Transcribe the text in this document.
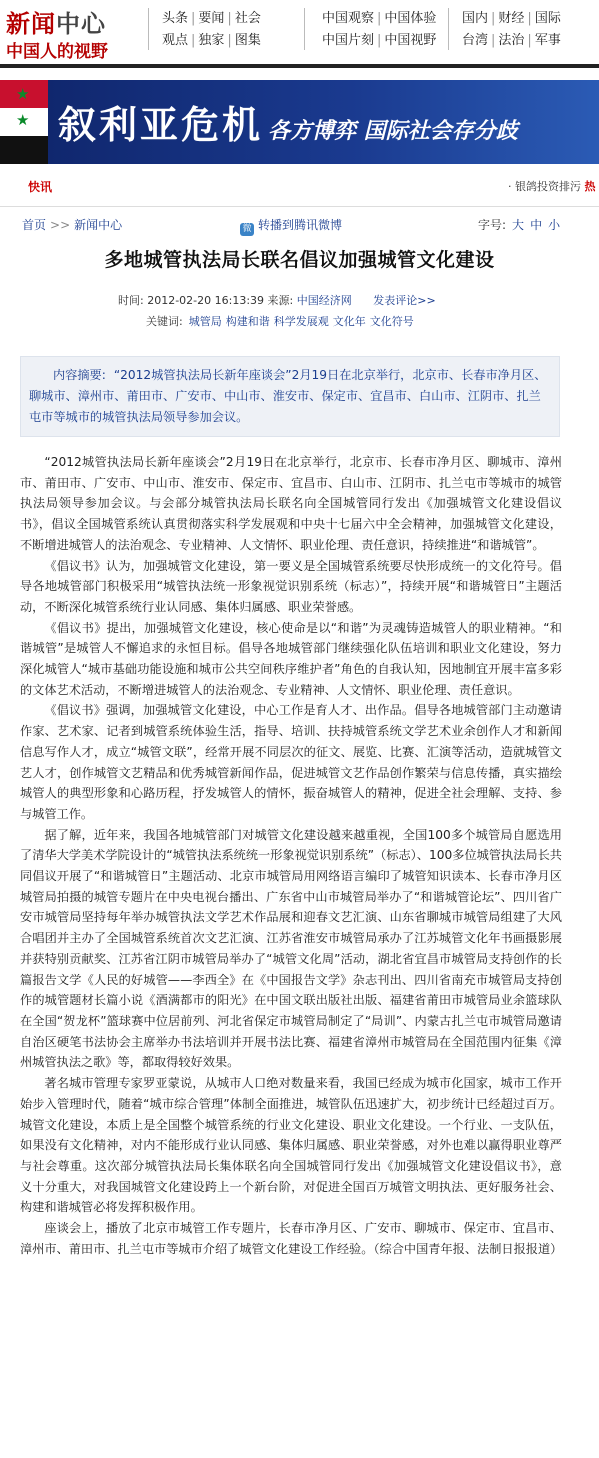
新闻中心
中国人的视野
头条 | 要闻 | 社会
观点 | 独家 | 图集
中国观察 | 中国体验
中国片刻 | 中国视野
国内 | 财经 | 国际
台湾 | 法治 | 军事
★
★ 叙利亚危机 各方博弈 国际社会存分歧
快讯	· 银鸽投资排污 热
首页 >> 新闻中心	微 转播到腾讯微博	字号: 大 中 小
多地城管执法局长联名倡议加强城管文化建设
时间: 2012-02-20 16:13:39 来源: 中国经济网 发表评论>>
关键词: 城管局 构建和谐 科学发展观 文化年 文化符号
内容摘要: “2012城管执法局长新年座谈会”2月19日在北京举行，北京市、长春市净月区、聊城市、漳州市、莆田市、广安市、中山市、淮安市、保定市、宜昌市、白山市、江阴市、扎兰屯市等城市的城管执法局领导参加会议。

“2012城管执法局长新年座谈会”2月19日在北京举行，北京市、长春市净月区、聊城市、漳州市、莆田市、广安市、中山市、淮安市、保定市、宜昌市、白山市、江阴市、扎兰屯市等城市的城管执法局领导参加会议。与会部分城管执法局长联名向全国城管同行发出《加强城管文化建设倡议书》，倡议全国城管系统认真贯彻落实科学发展观和中央十七届六中全会精神，加强城管文化建设，不断增进城管人的法治观念、专业精神、人文情怀、职业伦理、责任意识，持续推进“和谐城管”。

《倡议书》认为，加强城管文化建设，第一要义是全国城管系统要尽快形成统一的文化符号。倡导各地城管部门积极采用“城管执法统一形象视觉识别系统（标志）”，持续开展“和谐城管日”主题活动，不断深化城管系统行业认同感、集体归属感、职业荣誉感。

《倡议书》提出，加强城管文化建设，核心使命是以“和谐”为灵魂铸造城管人的职业精神。“和谐城管”是城管人不懈追求的永恒目标。倡导各地城管部门继续强化队伍培训和职业文化建设，努力深化城管人“城市基础功能设施和城市公共空间秩序维护者”角色的自我认知，因地制宜开展丰富多彩的文体艺术活动，不断增进城管人的法治观念、专业精神、人文情怀、职业伦理、责任意识。

《倡议书》强调，加强城管文化建设，中心工作是育人才、出作品。倡导各地城管部门主动邀请作家、艺术家、记者到城管系统体验生活，指导、培训、扶持城管系统文学艺术业余创作人才和新闻信息写作人才，成立“城管文联”，经常开展不同层次的征文、展览、比赛、汇演等活动，造就城管文艺人才，创作城管文艺精品和优秀城管新闻作品，促进城管文艺作品创作繁荣与信息传播，真实描绘城管人的典型形象和心路历程，抒发城管人的情怀，振奋城管人的精神，促进全社会理解、支持、参与城管工作。

据了解，近年来，我国各地城管部门对城管文化建设越来越重视，全国100多个城管局自愿选用了清华大学美术学院设计的“城管执法系统统一形象视觉识别系统”（标志）、100多位城管执法局长共同倡议开展了“和谐城管日”主题活动、北京市城管局用网络语言编印了城管知识读本、长春市净月区城管局拍摄的城管专题片在中央电视台播出、广东省中山市城管局举办了“和谐城管论坛”、四川省广安市城管局坚持每年举办城管执法文学艺术作品展和迎春文艺汇演、山东省聊城市城管局组建了大风合唱团并主办了全国城管系统首次文艺汇演、江苏省淮安市城管局承办了江苏城管文化年书画摄影展并获特别贡献奖、江苏省江阴市城管局举办了“城管文化周”活动，湖北省宜昌市城管局支持创作的长篇报告文学《人民的好城管——李西全》在《中国报告文学》杂志刊出、四川省南充市城管局支持创作的城管题材长篇小说《酒满都市的阳光》在中国文联出版社出版、福建省莆田市城管局业余篮球队在全国“贺龙杯”篮球赛中位居前列、河北省保定市城管局制定了“局训”、内蒙古扎兰屯市城管局邀请自治区硬笔书法协会主席举办书法培训并开展书法比赛、福建省漳州市城管局在全国范围内征集《漳州城管执法之歌》等，都取得较好效果。

著名城市管理专家罗亚蒙说，从城市人口绝对数量来看，我国已经成为城市化国家，城市工作开始步入管理时代，随着“城市综合管理”体制全面推进，城管队伍迅速扩大，初步统计已经超过百万。城管文化建设，本质上是全国整个城管系统的行业文化建设、职业文化建设。一个行业、一支队伍，如果没有文化精神，对内不能形成行业认同感、集体归属感、职业荣誉感，对外也难以赢得职业尊严与社会尊重。这次部分城管执法局长集体联名向全国城管同行发出《加强城管文化建设倡议书》，意义十分重大，对我国城管文化建设跨上一个新台阶，对促进全国百万城管文明执法、更好服务社会、构建和谐城管必将发挥积极作用。

座谈会上，播放了北京市城管工作专题片，长春市净月区、广安市、聊城市、保定市、宜昌市、漳州市、莆田市、扎兰屯市等城市介绍了城管文化建设工作经验。（综合中国青年报、法制日报报道）
